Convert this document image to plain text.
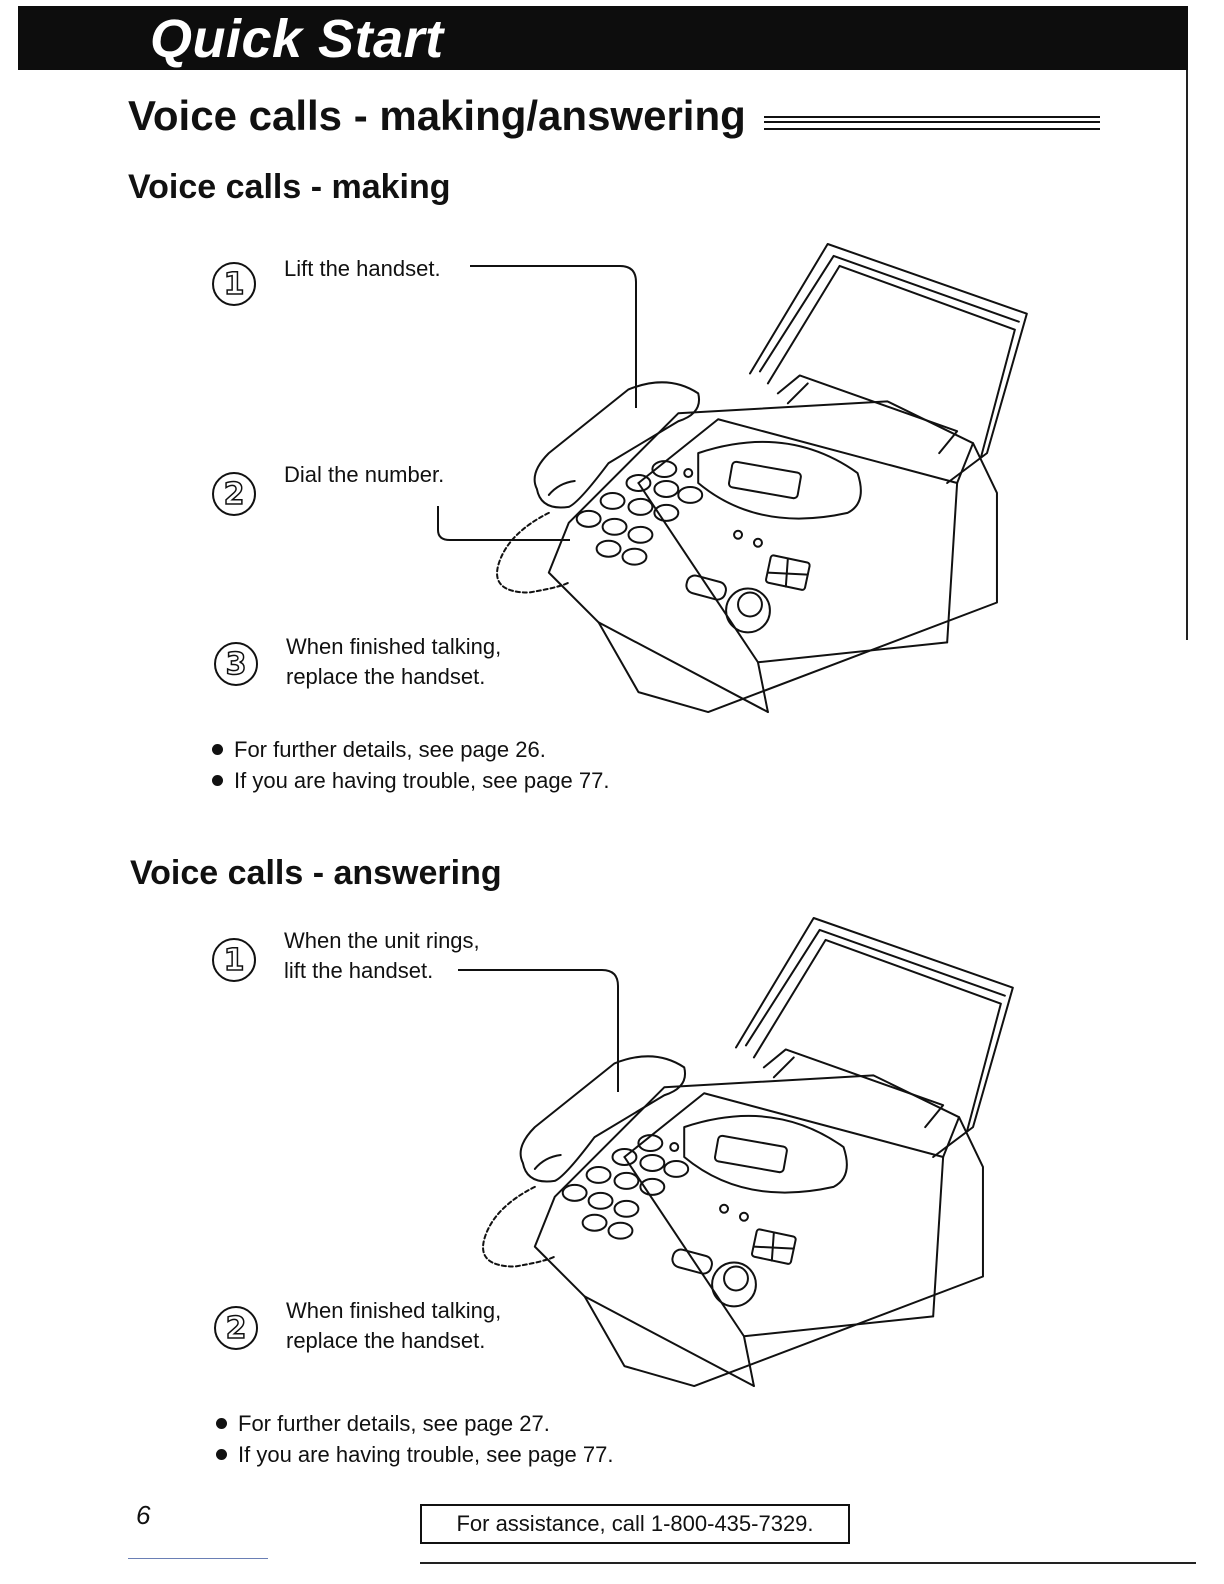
Quick Start
Voice calls - making/answering
Voice calls - making
1	Lift the handset.
2
Dial the number.
3	When finished talking,
replace the handset.
For further details, see page 26.
If you are having trouble, see page 77.
Voice calls - answering
1
When the unit rings,
lift the handset.
2	When finished talking,
replace the handset.
For further details, see page 27.
If you are having trouble, see page 77.
6	For assistance, call 1-800-435-7329.
